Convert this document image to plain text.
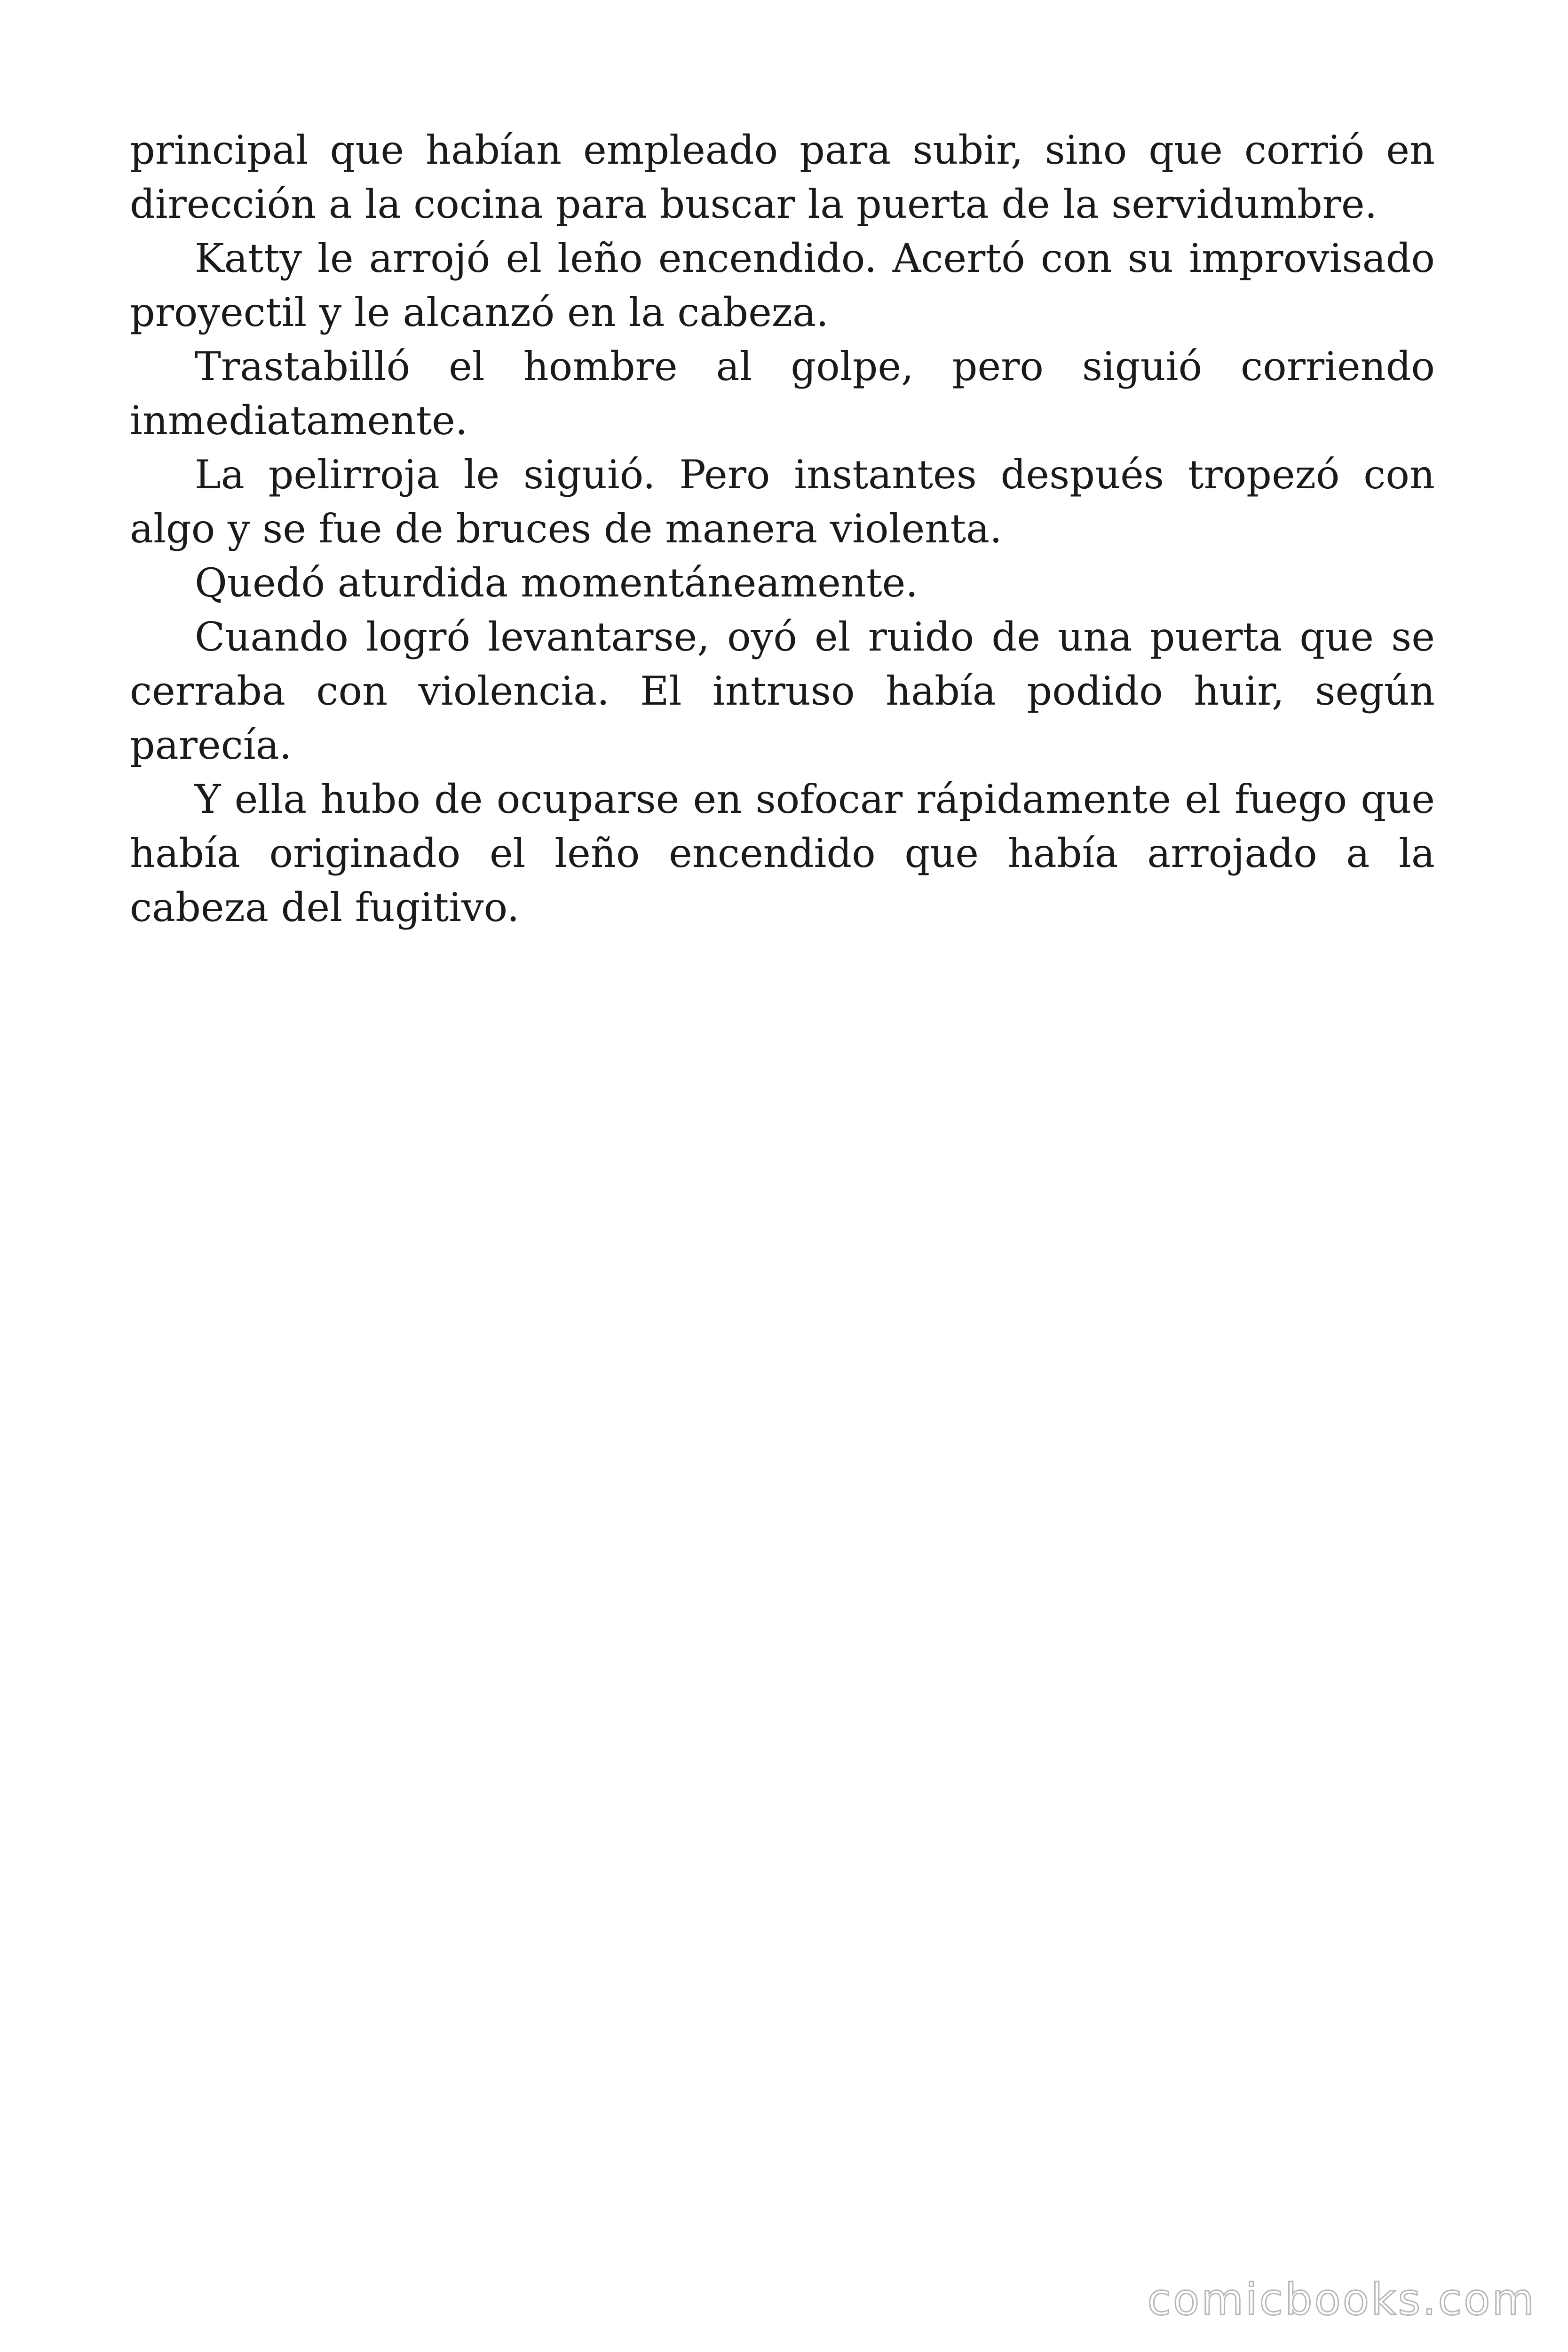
principal que habían empleado para subir, sino que corrió en dirección a la cocina para buscar la puerta de la servidumbre.

Katty le arrojó el leño encendido. Acertó con su improvisado proyectil y le alcanzó en la cabeza.

Trastabilló el hombre al golpe, pero siguió corriendo inmediatamente.

La pelirroja le siguió. Pero instantes después tropezó con algo y se fue de bruces de manera violenta.

Quedó aturdida momentáneamente.

Cuando logró levantarse, oyó el ruido de una puerta que se cerraba con violencia. El intruso había podido huir, según parecía.

Y ella hubo de ocuparse en sofocar rápidamente el fuego que había originado el leño encendido que había arrojado a la cabeza del fugitivo.

comicbooks.com
